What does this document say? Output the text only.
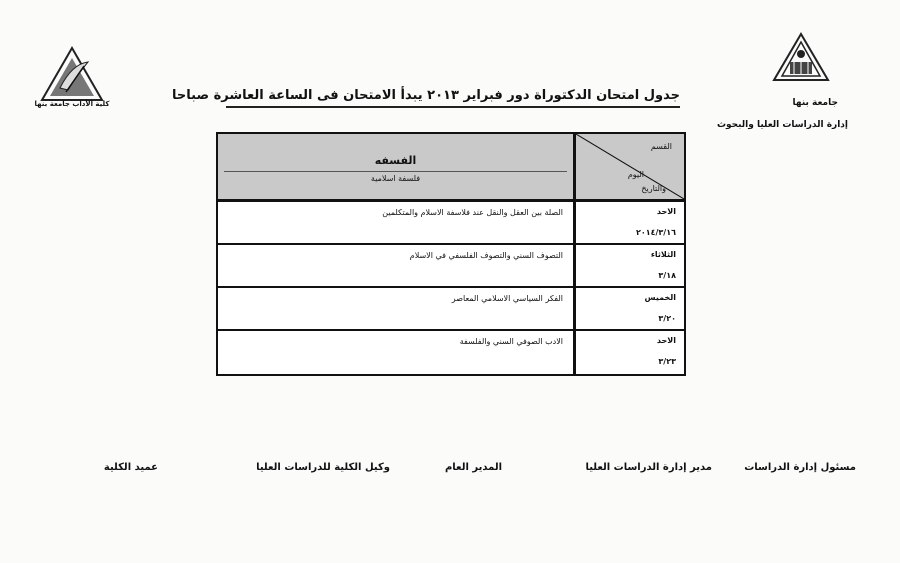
كلية الآداب جامعة بنها	جامعة بنها
إدارة الدراسات العليا والبحوث
جدول امتحان الدكتوراة دور فبراير ٢٠١٣ يبدأ الامتحان فى الساعة العاشرة صباحا
الفسفه
فلسفة اسلامية
القسم
اليوم
والتاريخ
الصلة بين العقل والنقل عند فلاسفة الاسلام والمتكلمين	الاحد
٢٠١٤/٣/١٦
التصوف السني والتصوف الفلسفي في الاسلام	الثلاثاء
٣/١٨
الفكر السياسي الاسلامي المعاصر	الخميس
٣/٢٠
الادب الصوفي السني والفلسفة	الاحد
٣/٢٣
مسئول إدارة الدراسات
مدير إدارة الدراسات العليا
المدير العام
وكيل الكلية للدراسات العليا
عميد الكلية
